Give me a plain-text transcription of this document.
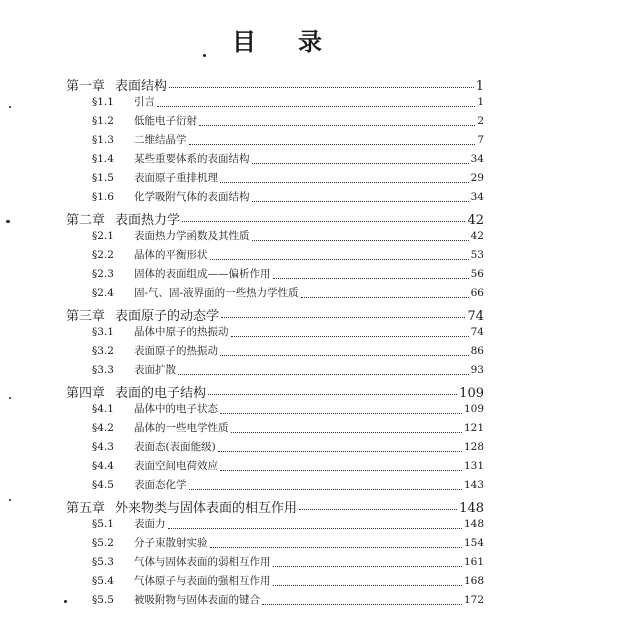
目 录
第一章 表面结构	1
§1.1	引言	1
§1.2	低能电子衍射	2
§1.3	二维结晶学	7
§1.4	某些重要体系的表面结构	34
§1.5	表面原子重排机理	29
§1.6	化学吸附气体的表面结构	34
第二章 表面热力学	42
§2.1	表面热力学函数及其性质	42
§2.2	晶体的平衡形状	53
§2.3	固体的表面组成——偏析作用	56
§2.4	固-气、固-液界面的一些热力学性质	66
第三章 表面原子的动态学	74
§3.1	晶体中原子的热振动	74
§3.2	表面原子的热振动	86
§3.3	表面扩散	93
第四章 表面的电子结构	109
§4.1	晶体中的电子状态	109
§4.2	晶体的一些电学性质	121
§4.3	表面态(表面能级)	128
§4.4	表面空间电荷效应	131
§4.5	表面态化学	143
第五章 外来物类与固体表面的相互作用	148
§5.1	表面力	148
§5.2	分子束散射实验	154
§5.3	气体与固体表面的弱相互作用	161
§5.4	气体原子与表面的强相互作用	168
§5.5	被吸附物与固体表面的键合	172
